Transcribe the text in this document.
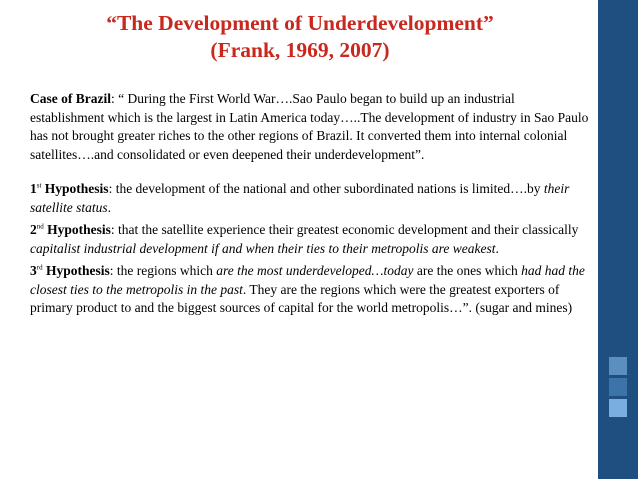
“The Development of Underdevelopment”
(Frank, 1969, 2007)

Case of Brazil: “ During the First World War….Sao Paulo began to build up an industrial establishment which is the largest in Latin America today…..The development of industry in Sao Paulo has not brought greater riches to the other regions of Brazil. It converted them into internal colonial satellites….and consolidated or even deepened their underdevelopment”.

1st Hypothesis: the development of the national and other subordinated nations is limited….by their satellite status.

2nd Hypothesis: that the satellite experience their greatest economic development and their classically capitalist industrial development if and when their ties to their metropolis are weakest.

3rd Hypothesis: the regions which are the most underdeveloped…today are the ones which had had the closest ties to the metropolis in the past. They are the regions which were the greatest exporters of primary product to and the biggest sources of capital for the world metropolis…”. (sugar and mines)
